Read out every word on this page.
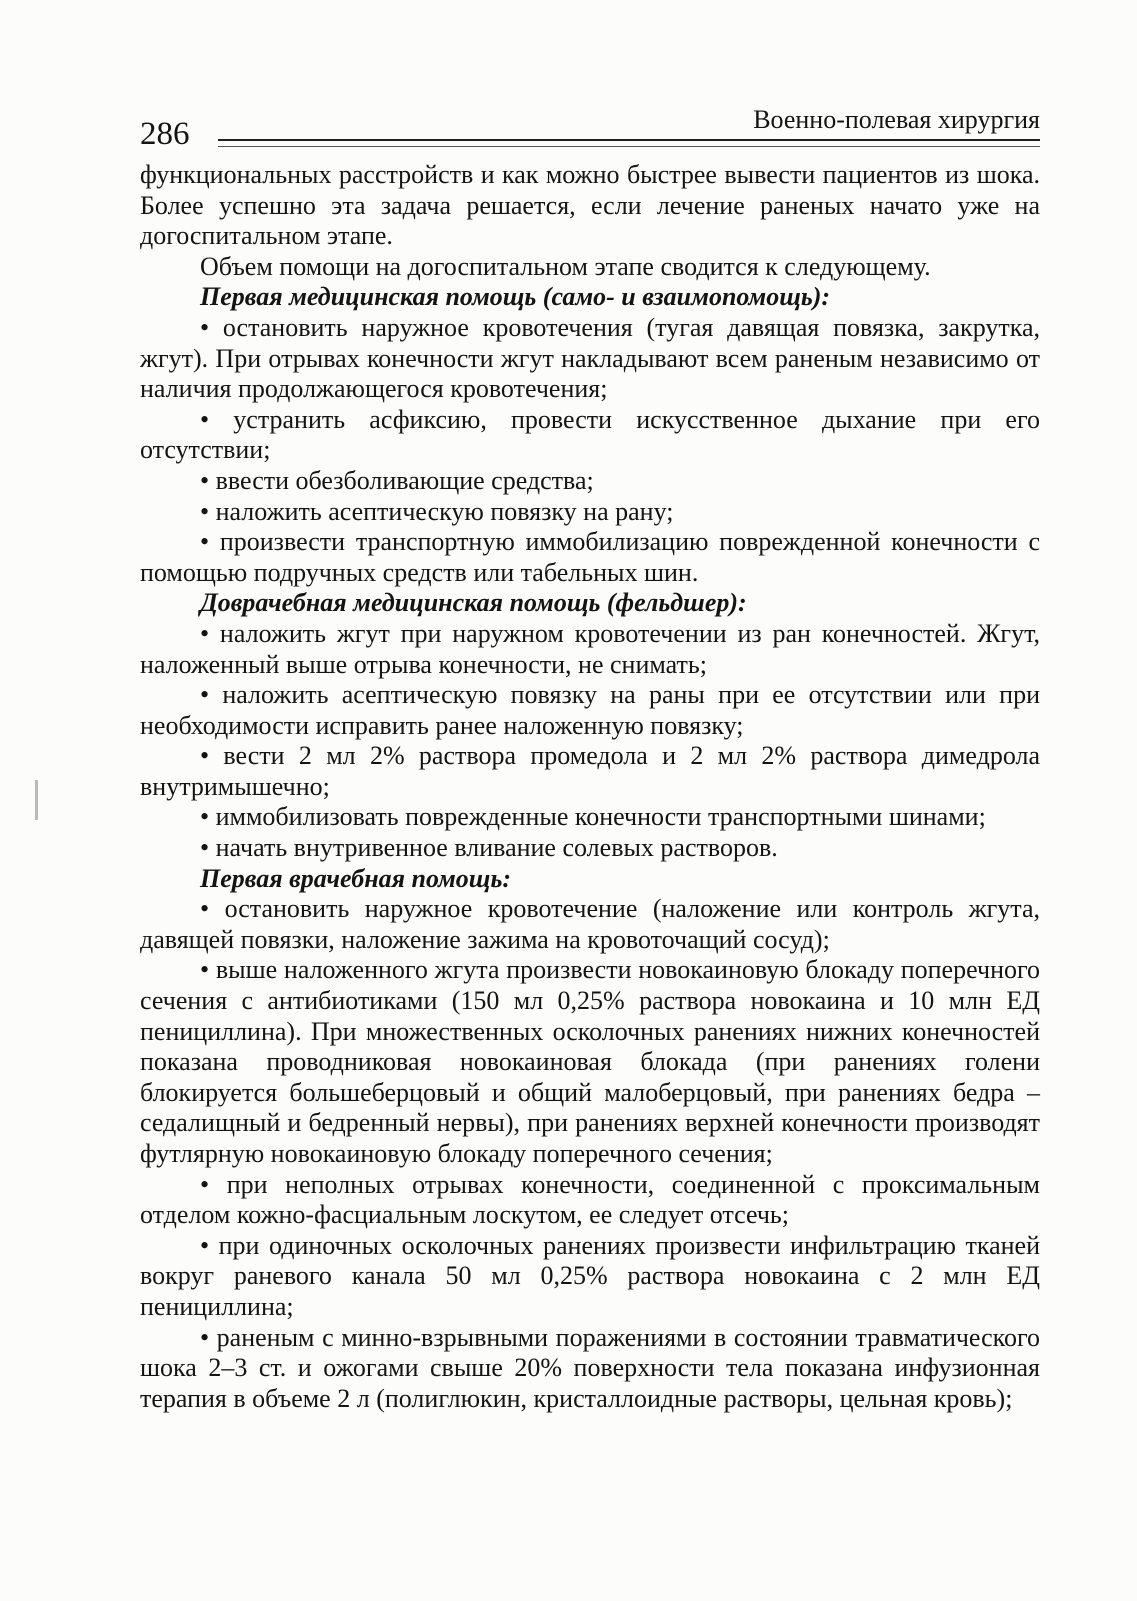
286	Военно-полевая хирургия

функциональных расстройств и как можно быстрее вывести пациентов из шока. Более успешно эта задача решается, если лечение раненых начато уже на догоспитальном этапе.

Объем помощи на догоспитальном этапе сводится к следующему.

Первая медицинская помощь (само- и взаимопомощь):

• остановить наружное кровотечения (тугая давящая повязка, закрутка, жгут). При отрывах конечности жгут накладывают всем раненым независимо от наличия продолжающегося кровотечения;

• устранить асфиксию, провести искусственное дыхание при его отсутствии;

• ввести обезболивающие средства;

• наложить асептическую повязку на рану;

• произвести транспортную иммобилизацию поврежденной конечности с помощью подручных средств или табельных шин.

Доврачебная медицинская помощь (фельдшер):

• наложить жгут при наружном кровотечении из ран конечностей. Жгут, наложенный выше отрыва конечности, не снимать;

• наложить асептическую повязку на раны при ее отсутствии или при необходимости исправить ранее наложенную повязку;

• вести 2 мл 2% раствора промедола и 2 мл 2% раствора димедрола внутримышечно;

• иммобилизовать поврежденные конечности транспортными шинами;

• начать внутривенное вливание солевых растворов.

Первая врачебная помощь:

• остановить наружное кровотечение (наложение или контроль жгута, давящей повязки, наложение зажима на кровоточащий сосуд);

• выше наложенного жгута произвести новокаиновую блокаду поперечного сечения с антибиотиками (150 мл 0,25% раствора новокаина и 10 млн ЕД пенициллина). При множественных осколочных ранениях нижних конечностей показана проводниковая новокаиновая блокада (при ранениях голени блокируется большеберцовый и общий малоберцовый, при ранениях бедра – седалищный и бедренный нервы), при ранениях верхней конечности производят футлярную новокаиновую блокаду поперечного сечения;

• при неполных отрывах конечности, соединенной с проксимальным отделом кожно-фасциальным лоскутом, ее следует отсечь;

• при одиночных осколочных ранениях произвести инфильтрацию тканей вокруг раневого канала 50 мл 0,25% раствора новокаина с 2 млн ЕД пенициллина;

• раненым с минно-взрывными поражениями в состоянии травматического шока 2–3 ст. и ожогами свыше 20% поверхности тела показана инфузионная терапия в объеме 2 л (полиглюкин, кристаллоидные растворы, цельная кровь);
